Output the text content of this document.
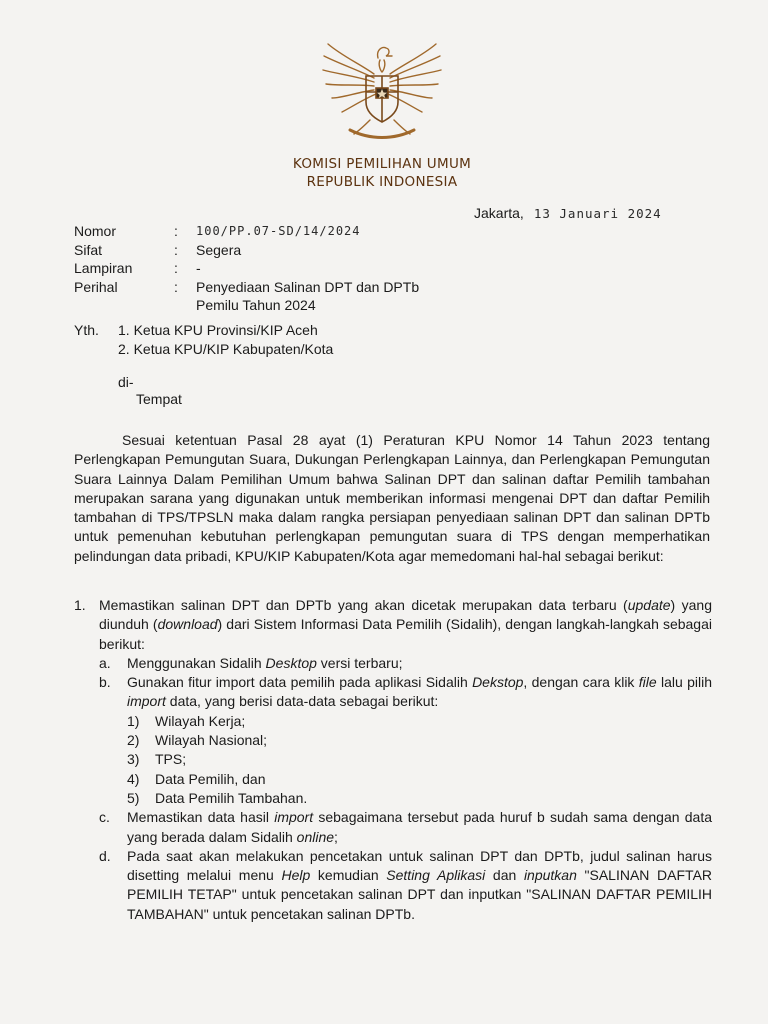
KOMISI PEMILIHAN UMUM
REPUBLIK INDONESIA
Jakarta, 13 Januari 2024
Nomor	:	100/PP.07-SD/14/2024
Sifat	:	Segera
Lampiran	:	-
Perihal	:	Penyediaan Salinan DPT dan DPTb
Pemilu Tahun 2024
Yth.	1. Ketua KPU Provinsi/KIP Aceh
2. Ketua KPU/KIP Kabupaten/Kota
di-
Tempat
Sesuai ketentuan Pasal 28 ayat (1) Peraturan KPU Nomor 14 Tahun 2023 tentang Perlengkapan Pemungutan Suara, Dukungan Perlengkapan Lainnya, dan Perlengkapan Pemungutan Suara Lainnya Dalam Pemilihan Umum bahwa Salinan DPT dan salinan daftar Pemilih tambahan merupakan sarana yang digunakan untuk memberikan informasi mengenai DPT dan daftar Pemilih tambahan di TPS/TPSLN maka dalam rangka persiapan penyediaan salinan DPT dan salinan DPTb untuk pemenuhan kebutuhan perlengkapan pemungutan suara di TPS dengan memperhatikan pelindungan data pribadi, KPU/KIP Kabupaten/Kota agar memedomani hal-hal sebagai berikut:
1. Memastikan salinan DPT dan DPTb yang akan dicetak merupakan data terbaru (update) yang diunduh (download) dari Sistem Informasi Data Pemilih (Sidalih), dengan langkah-langkah sebagai berikut:
a.	Menggunakan Sidalih Desktop versi terbaru;
b.	Gunakan fitur import data pemilih pada aplikasi Sidalih Dekstop, dengan cara klik file lalu pilih import data, yang berisi data-data sebagai berikut:
1)	Wilayah Kerja;
2)	Wilayah Nasional;
3)	TPS;
4)	Data Pemilih, dan
5)	Data Pemilih Tambahan.
c.	Memastikan data hasil import sebagaimana tersebut pada huruf b sudah sama dengan data yang berada dalam Sidalih online;
d.	Pada saat akan melakukan pencetakan untuk salinan DPT dan DPTb, judul salinan harus disetting melalui menu Help kemudian Setting Aplikasi dan inputkan "SALINAN DAFTAR PEMILIH TETAP" untuk pencetakan salinan DPT dan inputkan "SALINAN DAFTAR PEMILIH TAMBAHAN" untuk pencetakan salinan DPTb.
